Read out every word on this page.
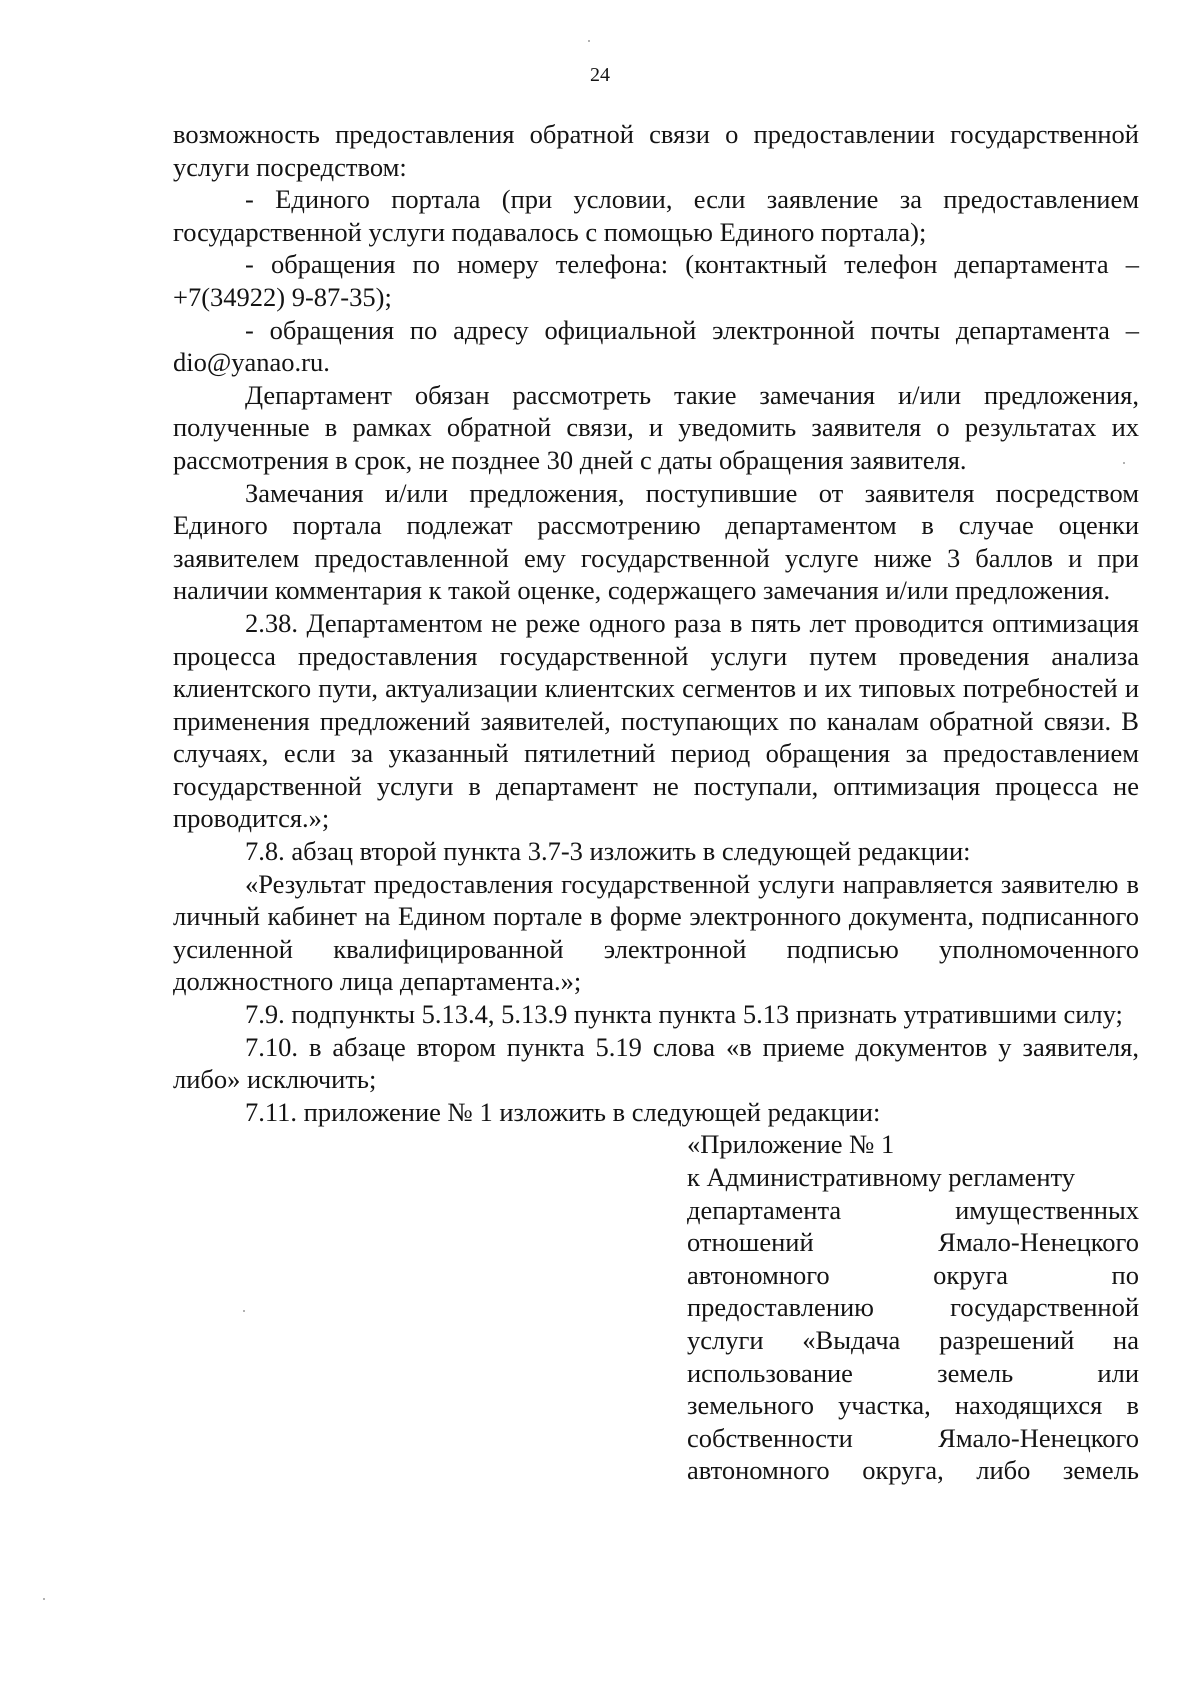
24

возможность предоставления обратной связи о предоставлении государственной услуги посредством:

- Единого портала (при условии, если заявление за предоставлением государственной услуги подавалось с помощью Единого портала);

- обращения по номеру телефона: (контактный телефон департамента – +7(34922) 9-87-35);

- обращения по адресу официальной электронной почты департамента – dio@yanao.ru.

Департамент обязан рассмотреть такие замечания и/или предложения, полученные в рамках обратной связи, и уведомить заявителя о результатах их рассмотрения в срок, не позднее 30 дней с даты обращения заявителя.

Замечания и/или предложения, поступившие от заявителя посредством Единого портала подлежат рассмотрению департаментом в случае оценки заявителем предоставленной ему государственной услуге ниже 3 баллов и при наличии комментария к такой оценке, содержащего замечания и/или предложения.

2.38. Департаментом не реже одного раза в пять лет проводится оптимизация процесса предоставления государственной услуги путем проведения анализа клиентского пути, актуализации клиентских сегментов и их типовых потребностей и применения предложений заявителей, поступающих по каналам обратной связи. В случаях, если за указанный пятилетний период обращения за предоставлением государственной услуги в департамент не поступали, оптимизация процесса не проводится.»;

7.8. абзац второй пункта 3.7-3 изложить в следующей редакции:

«Результат предоставления государственной услуги направляется заявителю в личный кабинет на Едином портале в форме электронного документа, подписанного усиленной квалифицированной электронной подписью уполномоченного должностного лица департамента.»;

7.9. подпункты 5.13.4, 5.13.9 пункта пункта 5.13 признать утратившими силу;

7.10. в абзаце втором пункта 5.19 слова «в приеме документов у заявителя, либо» исключить;

7.11. приложение № 1 изложить в следующей редакции:

«Приложение № 1
к Административному регламенту
департамента имущественных
отношений Ямало-Ненецкого
автономного округа по
предоставлению государственной
услуги «Выдача разрешений на
использование земель или
земельного участка, находящихся в
собственности Ямало-Ненецкого
автономного округа, либо земель
